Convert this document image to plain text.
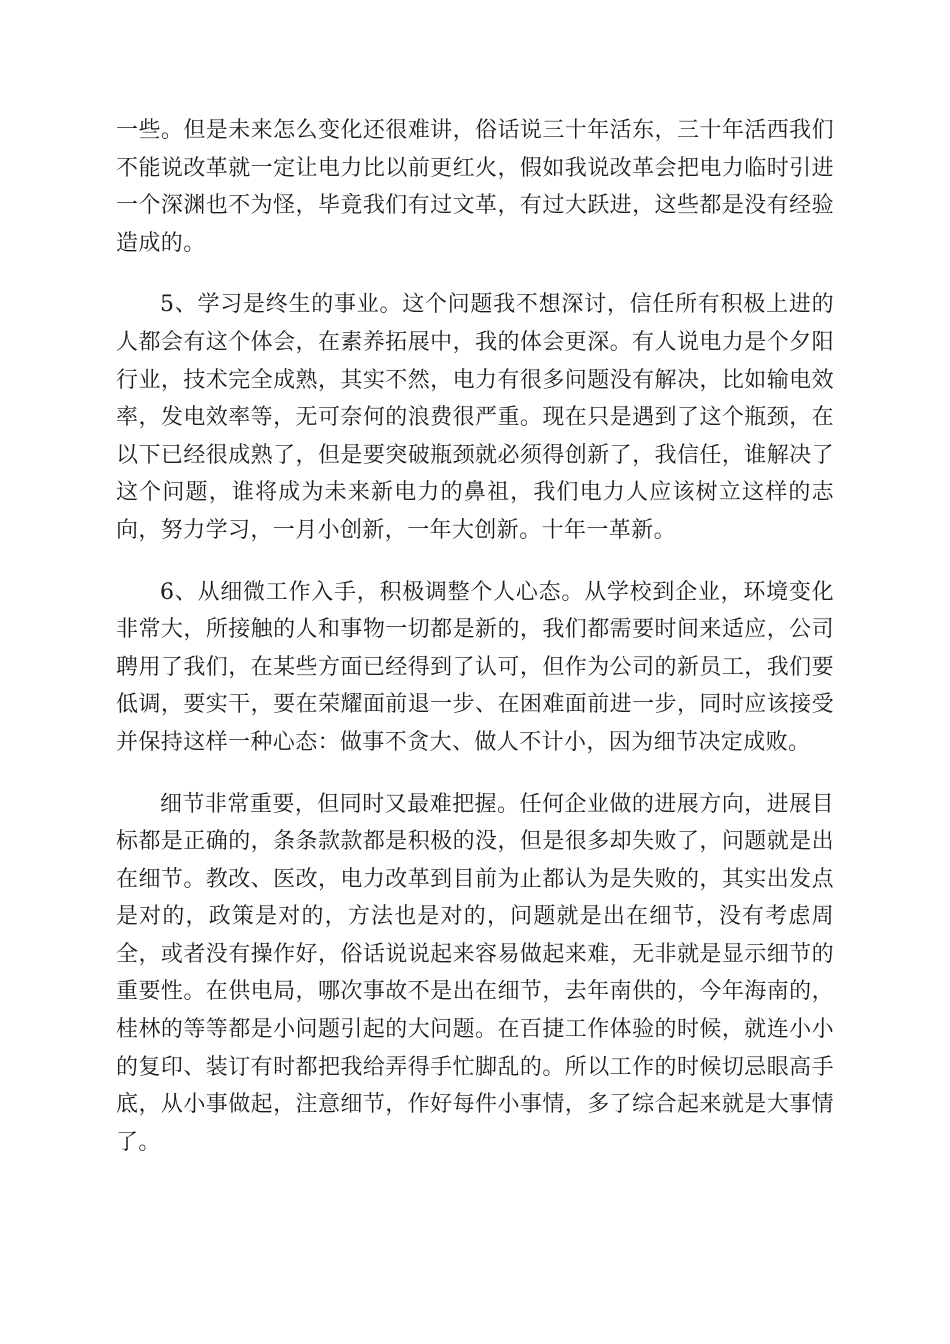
一些。但是未来怎么变化还很难讲，俗话说三十年活东，三十年活西我们不能说改革就一定让电力比以前更红火，假如我说改革会把电力临时引进一个深渊也不为怪，毕竟我们有过文革，有过大跃进，这些都是没有经验造成的。

5、学习是终生的事业。这个问题我不想深讨，信任所有积极上进的人都会有这个体会，在素养拓展中，我的体会更深。有人说电力是个夕阳行业，技术完全成熟，其实不然，电力有很多问题没有解决，比如输电效率，发电效率等，无可奈何的浪费很严重。现在只是遇到了这个瓶颈，在以下已经很成熟了，但是要突破瓶颈就必须得创新了，我信任，谁解决了这个问题，谁将成为未来新电力的鼻祖，我们电力人应该树立这样的志向，努力学习，一月小创新，一年大创新。十年一革新。

6、从细微工作入手，积极调整个人心态。从学校到企业，环境变化非常大，所接触的人和事物一切都是新的，我们都需要时间来适应，公司聘用了我们，在某些方面已经得到了认可，但作为公司的新员工，我们要低调，要实干，要在荣耀面前退一步、在困难面前进一步，同时应该接受并保持这样一种心态：做事不贪大、做人不计小，因为细节决定成败。

细节非常重要，但同时又最难把握。任何企业做的进展方向，进展目标都是正确的，条条款款都是积极的没，但是很多却失败了，问题就是出在细节。教改、医改，电力改革到目前为止都认为是失败的，其实出发点是对的，政策是对的，方法也是对的，问题就是出在细节，没有考虑周全，或者没有操作好，俗话说说起来容易做起来难，无非就是显示细节的重要性。在供电局，哪次事故不是出在细节，去年南供的，今年海南的，桂林的等等都是小问题引起的大问题。在百捷工作体验的时候，就连小小的复印、装订有时都把我给弄得手忙脚乱的。所以工作的时候切忌眼高手底，从小事做起，注意细节，作好每件小事情，多了综合起来就是大事情了。
